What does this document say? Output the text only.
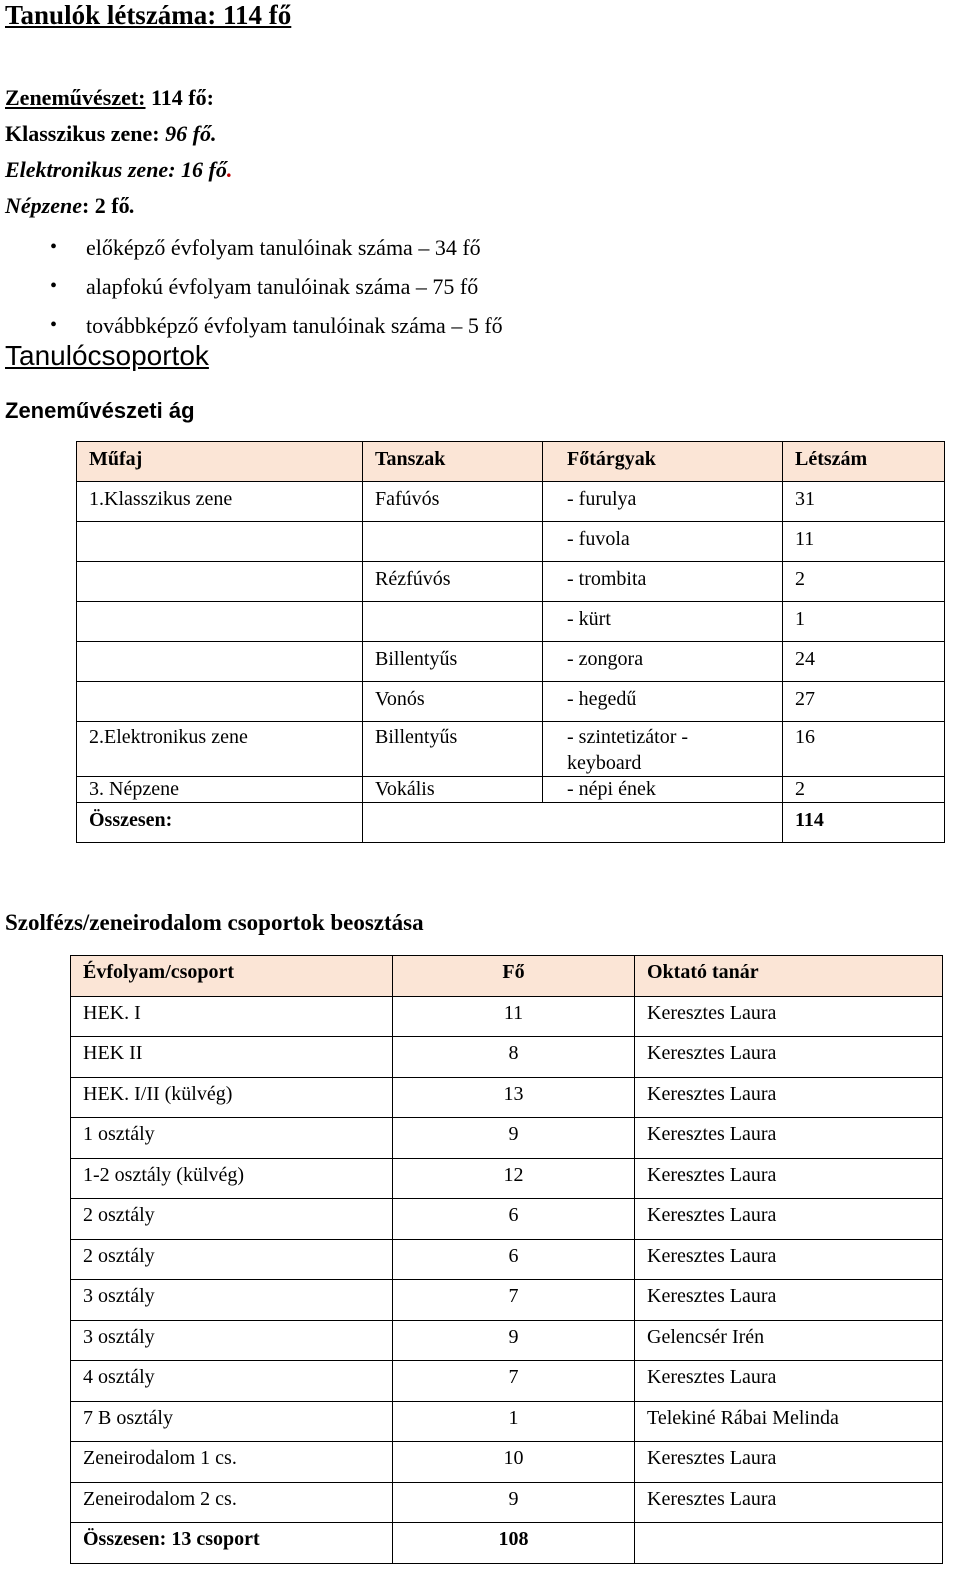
Tanulók létszáma: 114 fő
Zeneművészet: 114 fő:
Klasszikus zene: 96 fő.
Elektronikus zene: 16 fő.
Népzene: 2 fő.
• előképző évfolyam tanulóinak száma – 34 fő
• alapfokú évfolyam tanulóinak száma – 75 fő
• továbbképző évfolyam tanulóinak száma – 5 fő
Tanulócsoportok
Zeneművészeti ág
Műfaj	Tanszak	Főtárgyak	Létszám
1.Klasszikus zene	Fafúvós	- furulya	31
		- fuvola	11
	Rézfúvós	- trombita	2
		- kürt	1
	Billentyűs	- zongora	24
	Vonós	- hegedű	27
2.Elektronikus zene	Billentyűs	- szintetizátor - keyboard	16
3. Népzene	Vokális	- népi ének	2
Összesen:			114
Szolfézs/zeneirodalom csoportok beosztása
Évfolyam/csoport	Fő	Oktató tanár
HEK. I	11	Keresztes Laura
HEK II	8	Keresztes Laura
HEK. I/II (külvég)	13	Keresztes Laura
1 osztály	9	Keresztes Laura
1-2 osztály (külvég)	12	Keresztes Laura
2 osztály	6	Keresztes Laura
2 osztály	6	Keresztes Laura
3 osztály	7	Keresztes Laura
3 osztály	9	Gelencsér Irén
4 osztály	7	Keresztes Laura
7 B osztály	1	Telekiné Rábai Melinda
Zeneirodalom 1 cs.	10	Keresztes Laura
Zeneirodalom 2 cs.	9	Keresztes Laura
Összesen: 13 csoport	108	
